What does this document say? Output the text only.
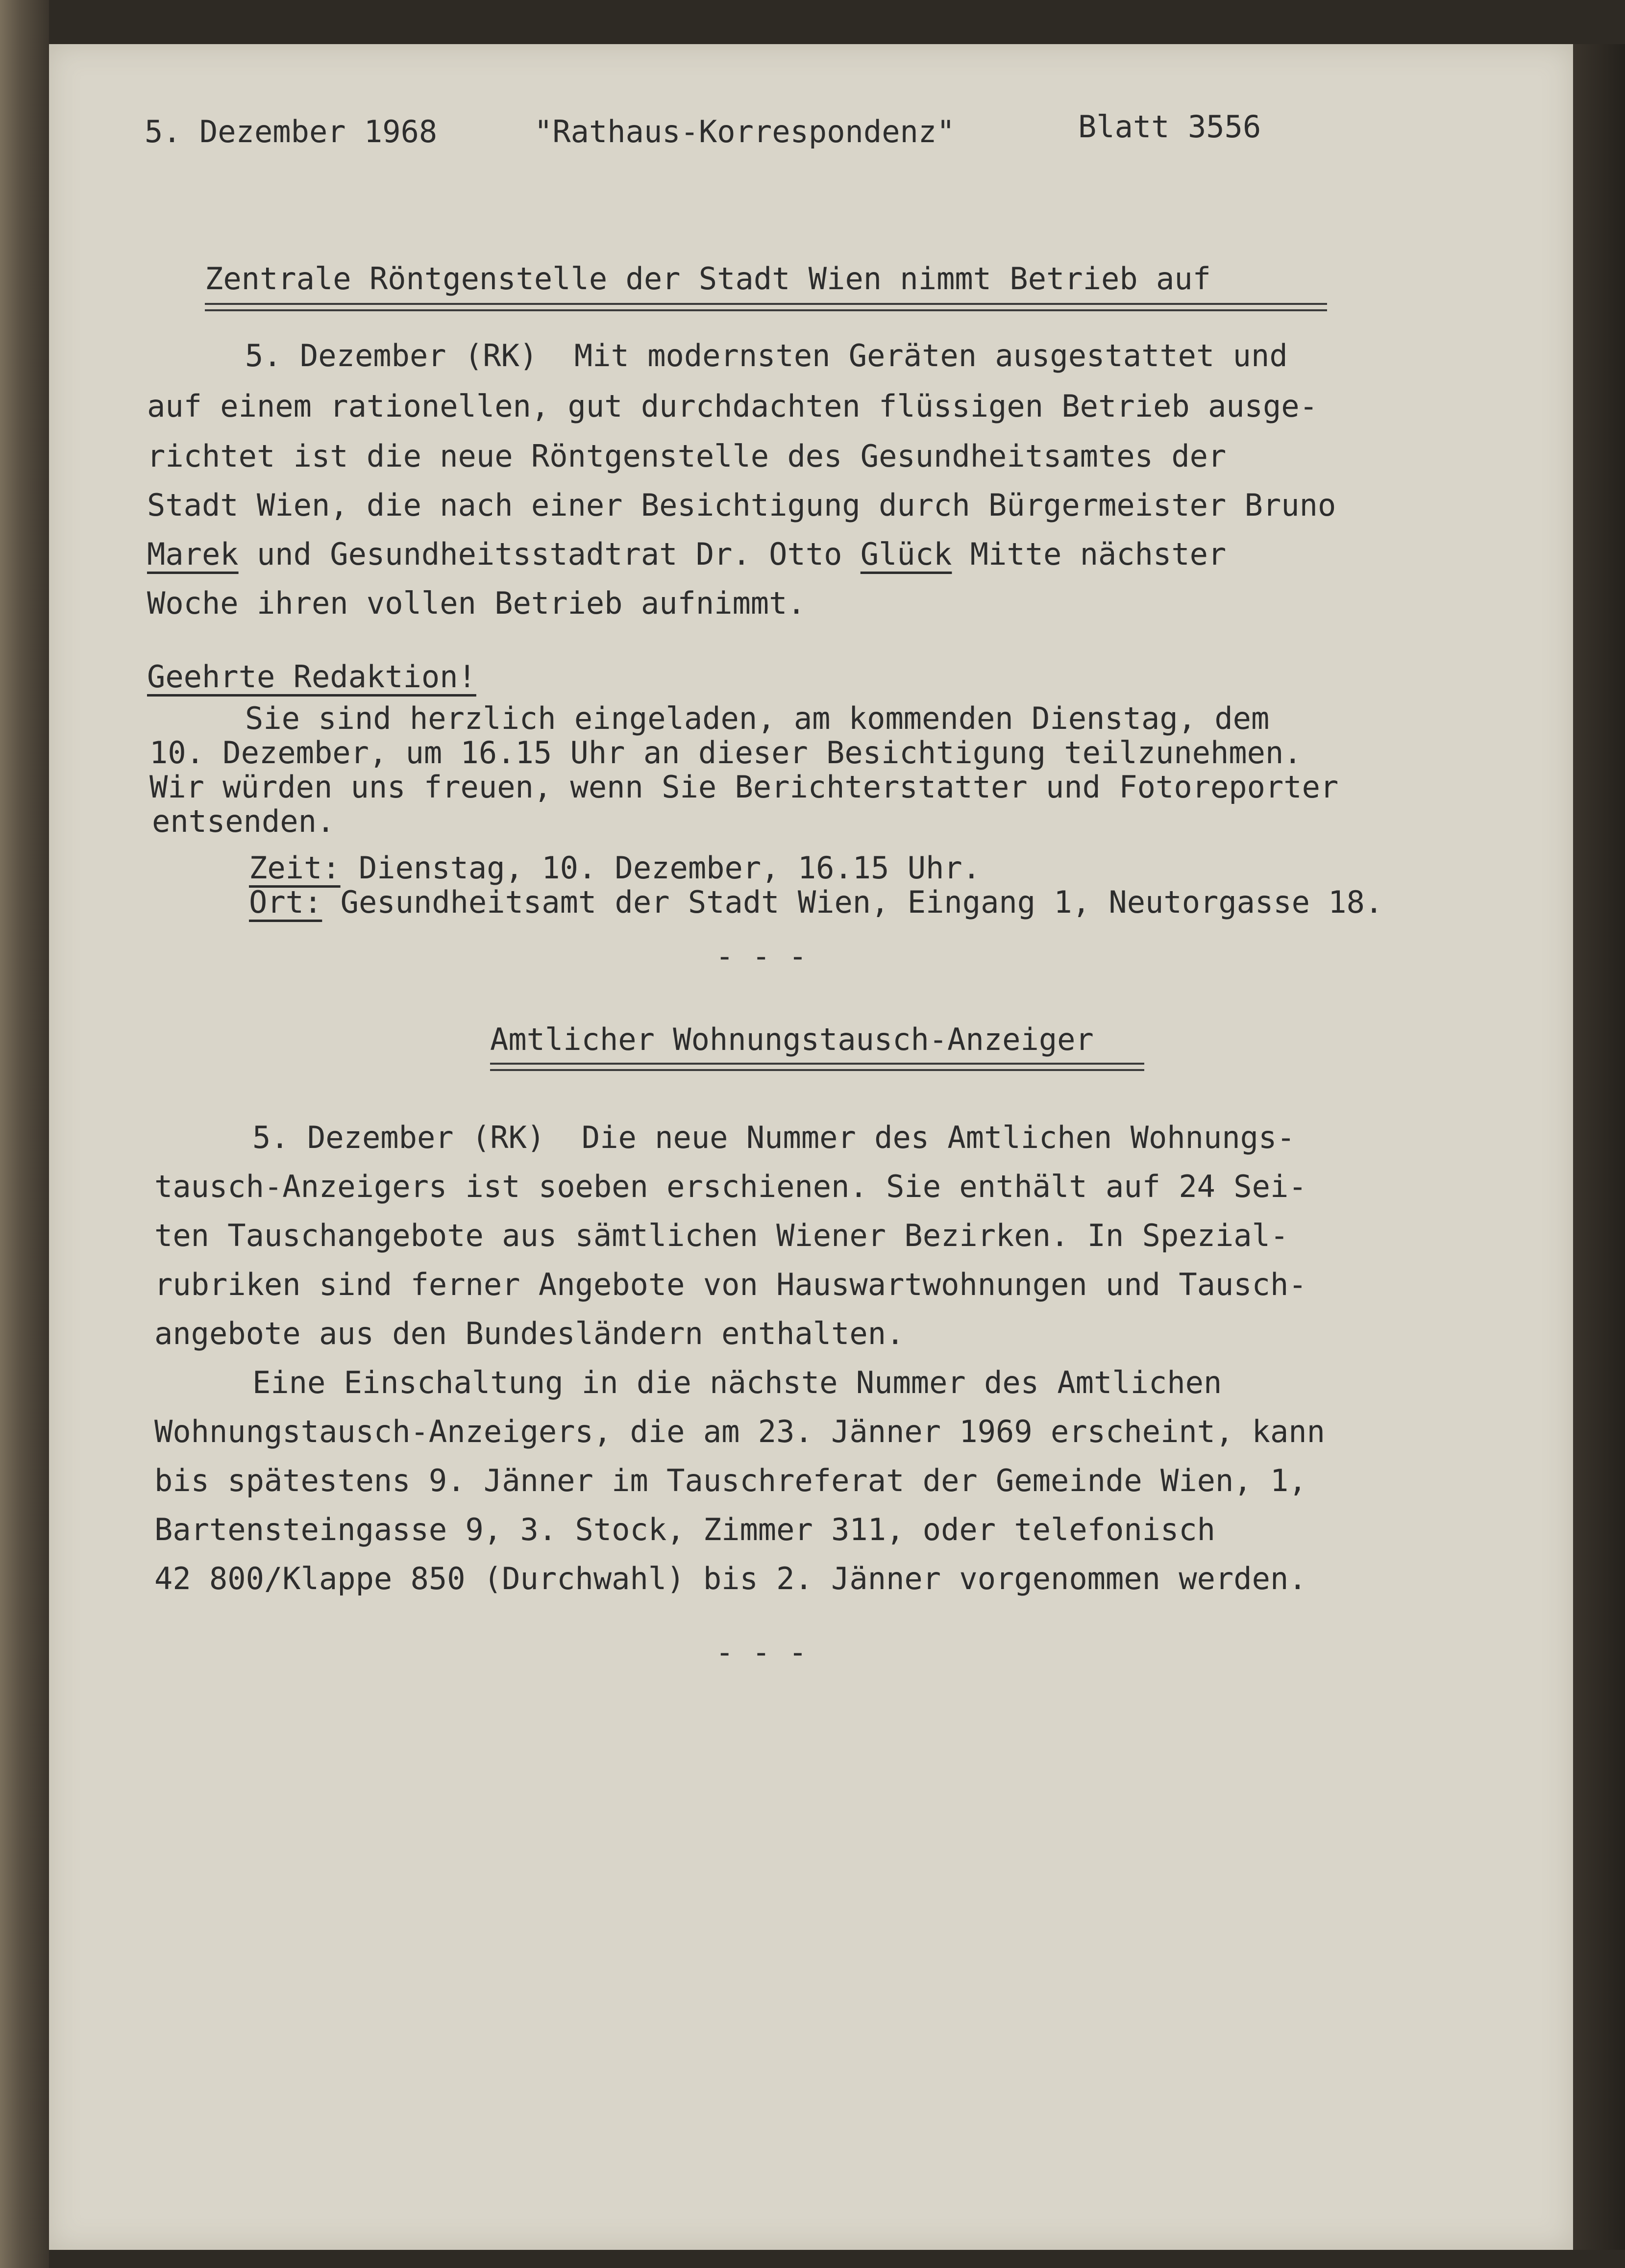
5. Dezember 1968	"Rathaus-Korrespondenz"	Blatt 3556
Zentrale Röntgenstelle der Stadt Wien nimmt Betrieb auf
5. Dezember (RK)  Mit modernsten Geräten ausgestattet und
auf einem rationellen, gut durchdachten flüssigen Betrieb ausge-
richtet ist die neue Röntgenstelle des Gesundheitsamtes der
Stadt Wien, die nach einer Besichtigung durch Bürgermeister Bruno
Marek und Gesundheitsstadtrat Dr. Otto Glück Mitte nächster
Woche ihren vollen Betrieb aufnimmt.
Geehrte Redaktion!
Sie sind herzlich eingeladen, am kommenden Dienstag, dem
10. Dezember, um 16.15 Uhr an dieser Besichtigung teilzunehmen.
Wir würden uns freuen, wenn Sie Berichterstatter und Fotoreporter
entsenden.
Zeit: Dienstag, 10. Dezember, 16.15 Uhr.
Ort: Gesundheitsamt der Stadt Wien, Eingang 1, Neutorgasse 18.
- - -
Amtlicher Wohnungstausch-Anzeiger
5. Dezember (RK)  Die neue Nummer des Amtlichen Wohnungs-
tausch-Anzeigers ist soeben erschienen. Sie enthält auf 24 Sei-
ten Tauschangebote aus sämtlichen Wiener Bezirken. In Spezial-
rubriken sind ferner Angebote von Hauswartwohnungen und Tausch-
angebote aus den Bundesländern enthalten.
Eine Einschaltung in die nächste Nummer des Amtlichen
Wohnungstausch-Anzeigers, die am 23. Jänner 1969 erscheint, kann
bis spätestens 9. Jänner im Tauschreferat der Gemeinde Wien, 1,
Bartensteingasse 9, 3. Stock, Zimmer 311, oder telefonisch
42 800/Klappe 850 (Durchwahl) bis 2. Jänner vorgenommen werden.
- - -
